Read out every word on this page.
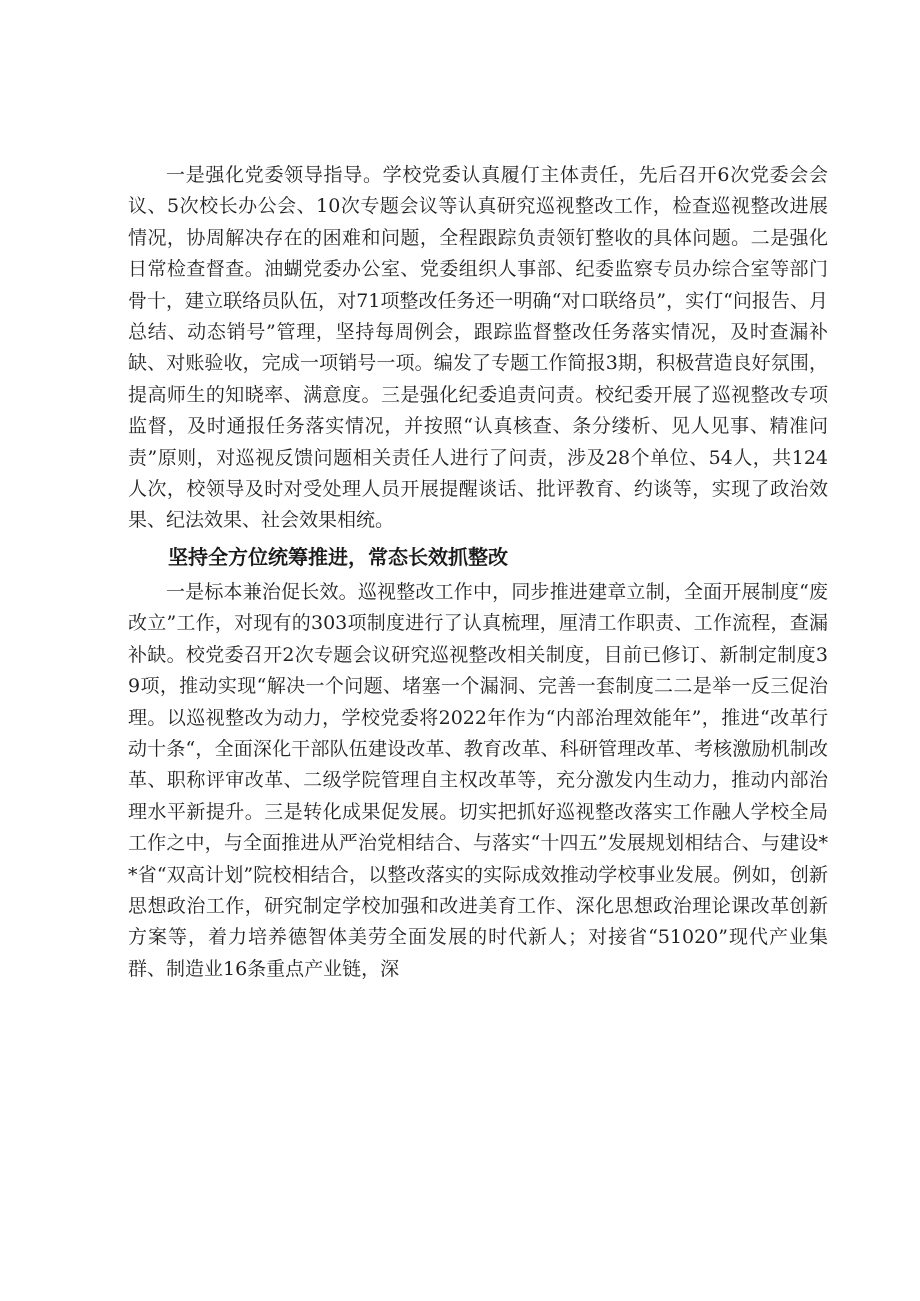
一是强化党委领导指导。学校党委认真履仃主体责任，先后召开6次党委会会议、5次校长办公会、10次专题会议等认真研究巡视整改工作，检查巡视整改进展情况，协周解决存在的困难和问题，全程跟踪负责领钉整收的具体问题。二是强化日常检查督查。油蝴党委办公室、党委组织人事部、纪委监察专员办综合室等部门骨十，建立联络员队伍，对71项整改任务还一明确“对口联络员”，实仃“问报告、月总结、动态销号”管理，坚持每周例会，跟踪监督整改任务落实情况，及时查漏补缺、对账验收，完成一项销号一项。编发了专题工作简报3期，积极营造良好氛围，提高师生的知晓率、满意度。三是强化纪委追责问责。校纪委开展了巡视整改专项监督，及时通报任务落实情况，并按照“认真核查、条分缕析、见人见事、精准问责”原则，对巡视反馈问题相关责任人进行了问责，涉及28个单位、54人，共124人次，校领导及时对受处理人员开展提醒谈话、批评教育、约谈等，实现了政治效果、纪法效果、社会效果相统。

坚持全方位统筹推进，常态长效抓整改

一是标本兼治促长效。巡视整改工作中，同步推进建章立制，全面开展制度“废改立”工作，对现有的303项制度进行了认真梳理，厘清工作职责、工作流程，查漏补缺。校党委召开2次专题会议研究巡视整改相关制度，目前已修订、新制定制度39项，推动实现“解决一个问题、堵塞一个漏洞、完善一套制度二二是举一反三促治理。以巡视整改为动力，学校党委将2022年作为“内部治理效能年”，推进“改革行动十条“，全面深化干部队伍建设改革、教育改革、科研管理改革、考核激励机制改革、职称评审改革、二级学院管理自主权改革等，充分激发内生动力，推动内部治理水平新提升。三是转化成果促发展。切实把抓好巡视整改落实工作融人学校全局工作之中，与全面推进从严治党相结合、与落实“十四五”发展规划相结合、与建设**省“双高计划”院校相结合，以整改落实的实际成效推动学校事业发展。例如，创新思想政治工作，研究制定学校加强和改进美育工作、深化思想政治理论课改革创新方案等，着力培养德智体美劳全面发展的时代新人；对接省“51020”现代产业集群、制造业16条重点产业链，深
